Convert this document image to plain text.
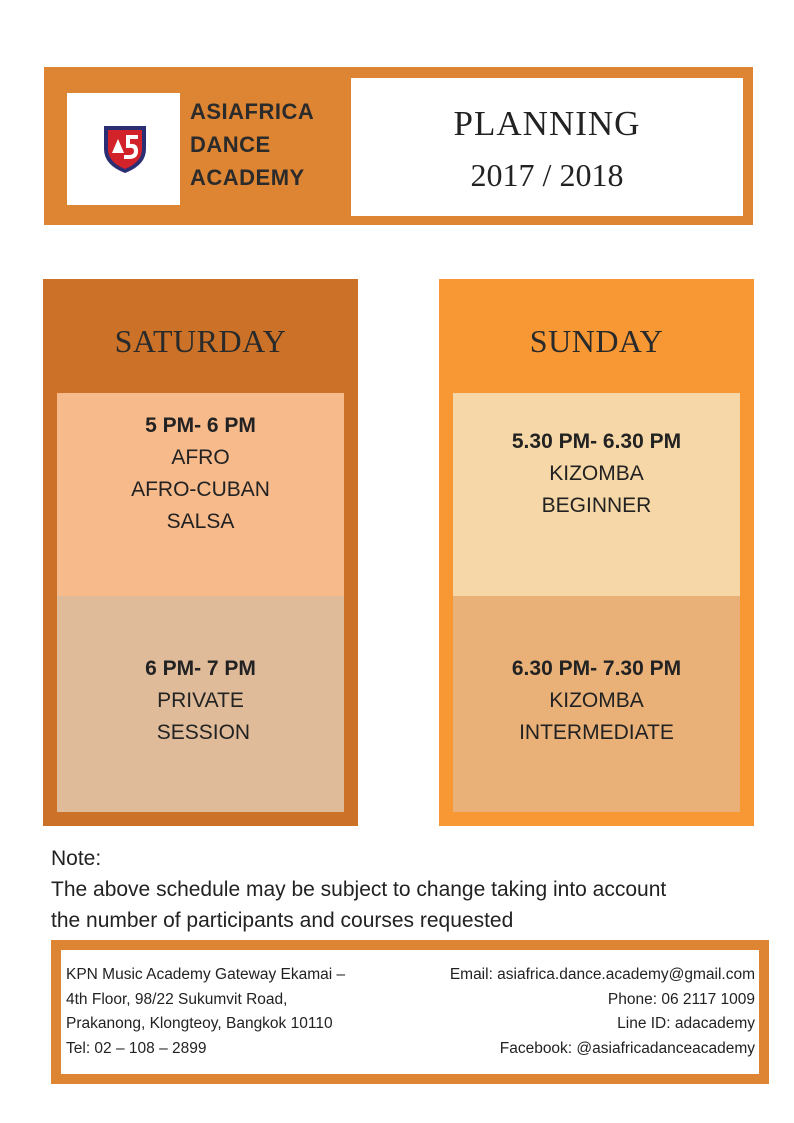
ASIAFRICA
DANCE
ACADEMY
PLANNING
2017 / 2018
SATURDAY
5 PM- 6 PM
AFRO
AFRO-CUBAN
SALSA
6 PM- 7 PM
PRIVATE
SESSION
SUNDAY
5.30 PM- 6.30 PM
KIZOMBA
BEGINNER
6.30 PM- 7.30 PM
KIZOMBA
INTERMEDIATE
Note:
The above schedule may be subject to change taking into account
the number of participants and courses requested
KPN Music Academy Gateway Ekamai –
4th Floor, 98/22 Sukumvit Road,
Prakanong, Klongteoy, Bangkok 10110
Tel: 02 – 108 – 2899
Email: asiafrica.dance.academy@gmail.com
Phone: 06 2117 1009
Line ID: adacademy
Facebook: @asiafricadanceacademy
